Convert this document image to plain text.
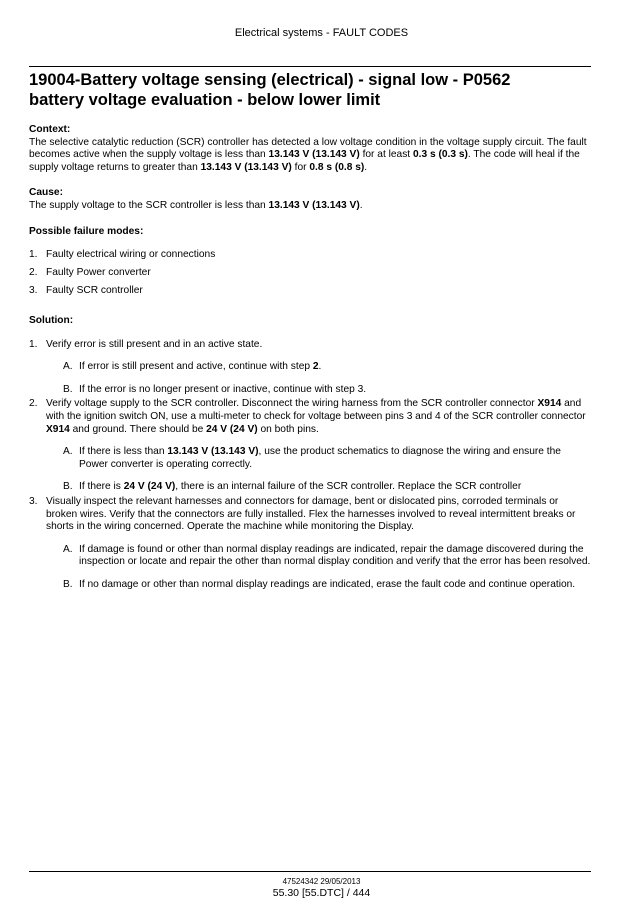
Electrical systems - FAULT CODES
19004-Battery voltage sensing (electrical) - signal low - P0562
battery voltage evaluation - below lower limit

Context:

The selective catalytic reduction (SCR) controller has detected a low voltage condition in the voltage supply circuit. The fault becomes active when the supply voltage is less than 13.143 V (13.143 V) for at least 0.3 s (0.3 s). The code will heal if the supply voltage returns to greater than 13.143 V (13.143 V) for 0.8 s (0.8 s).

Cause:

The supply voltage to the SCR controller is less than 13.143 V (13.143 V).

Possible failure modes:

1. Faulty electrical wiring or connections
2. Faulty Power converter
3. Faulty SCR controller

Solution:

1. Verify error is still present and in an active state.
A. If error is still present and active, continue with step 2.
B. If the error is no longer present or inactive, continue with step 3.
2. Verify voltage supply to the SCR controller. Disconnect the wiring harness from the SCR controller connector X914 and with the ignition switch ON, use a multi-meter to check for voltage between pins 3 and 4 of the SCR controller connector X914 and ground. There should be 24 V (24 V) on both pins.
A. If there is less than 13.143 V (13.143 V), use the product schematics to diagnose the wiring and ensure the Power converter is operating correctly.
B. If there is 24 V (24 V), there is an internal failure of the SCR controller. Replace the SCR controller
3. Visually inspect the relevant harnesses and connectors for damage, bent or dislocated pins, corroded terminals or broken wires. Verify that the connectors are fully installed. Flex the harnesses involved to reveal intermittent breaks or shorts in the wiring concerned. Operate the machine while monitoring the Display.
A. If damage is found or other than normal display readings are indicated, repair the damage discovered during the inspection or locate and repair the other than normal display condition and verify that the error has been resolved.
B. If no damage or other than normal display readings are indicated, erase the fault code and continue operation.
47524342 29/05/2013
55.30 [55.DTC] / 444
